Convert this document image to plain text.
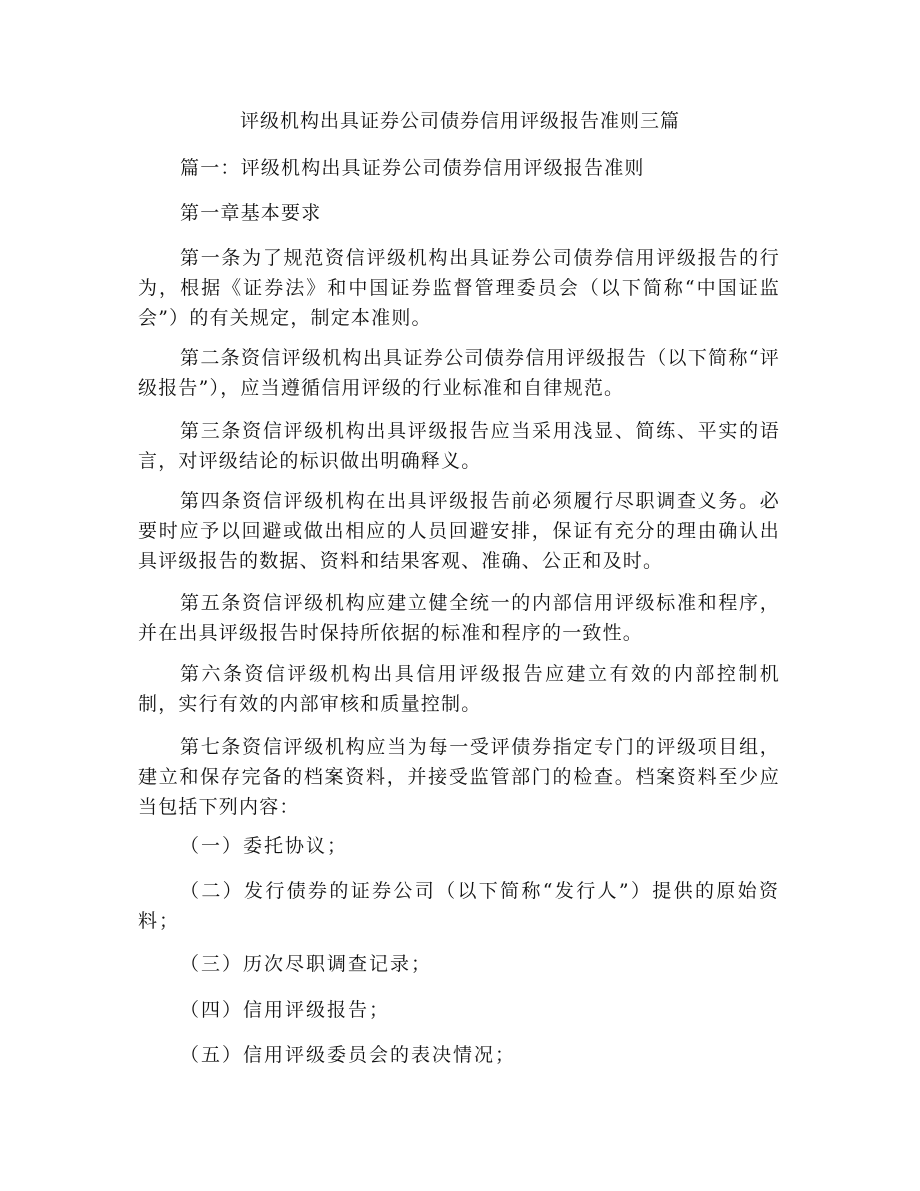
评级机构出具证券公司债券信用评级报告准则三篇

篇一：评级机构出具证券公司债券信用评级报告准则

第一章基本要求

第一条为了规范资信评级机构出具证券公司债券信用评级报告的行为，根据《证券法》和中国证券监督管理委员会（以下简称“中国证监会”）的有关规定，制定本准则。

第二条资信评级机构出具证券公司债券信用评级报告（以下简称“评级报告”），应当遵循信用评级的行业标准和自律规范。

第三条资信评级机构出具评级报告应当采用浅显、简练、平实的语言，对评级结论的标识做出明确释义。

第四条资信评级机构在出具评级报告前必须履行尽职调查义务。必要时应予以回避或做出相应的人员回避安排，保证有充分的理由确认出具评级报告的数据、资料和结果客观、准确、公正和及时。

第五条资信评级机构应建立健全统一的内部信用评级标准和程序，并在出具评级报告时保持所依据的标准和程序的一致性。

第六条资信评级机构出具信用评级报告应建立有效的内部控制机制，实行有效的内部审核和质量控制。

第七条资信评级机构应当为每一受评债券指定专门的评级项目组，建立和保存完备的档案资料，并接受监管部门的检查。档案资料至少应当包括下列内容：

（一）委托协议；

（二）发行债券的证券公司（以下简称“发行人”）提供的原始资料；

（三）历次尽职调查记录；

（四）信用评级报告；

（五）信用评级委员会的表决情况；
